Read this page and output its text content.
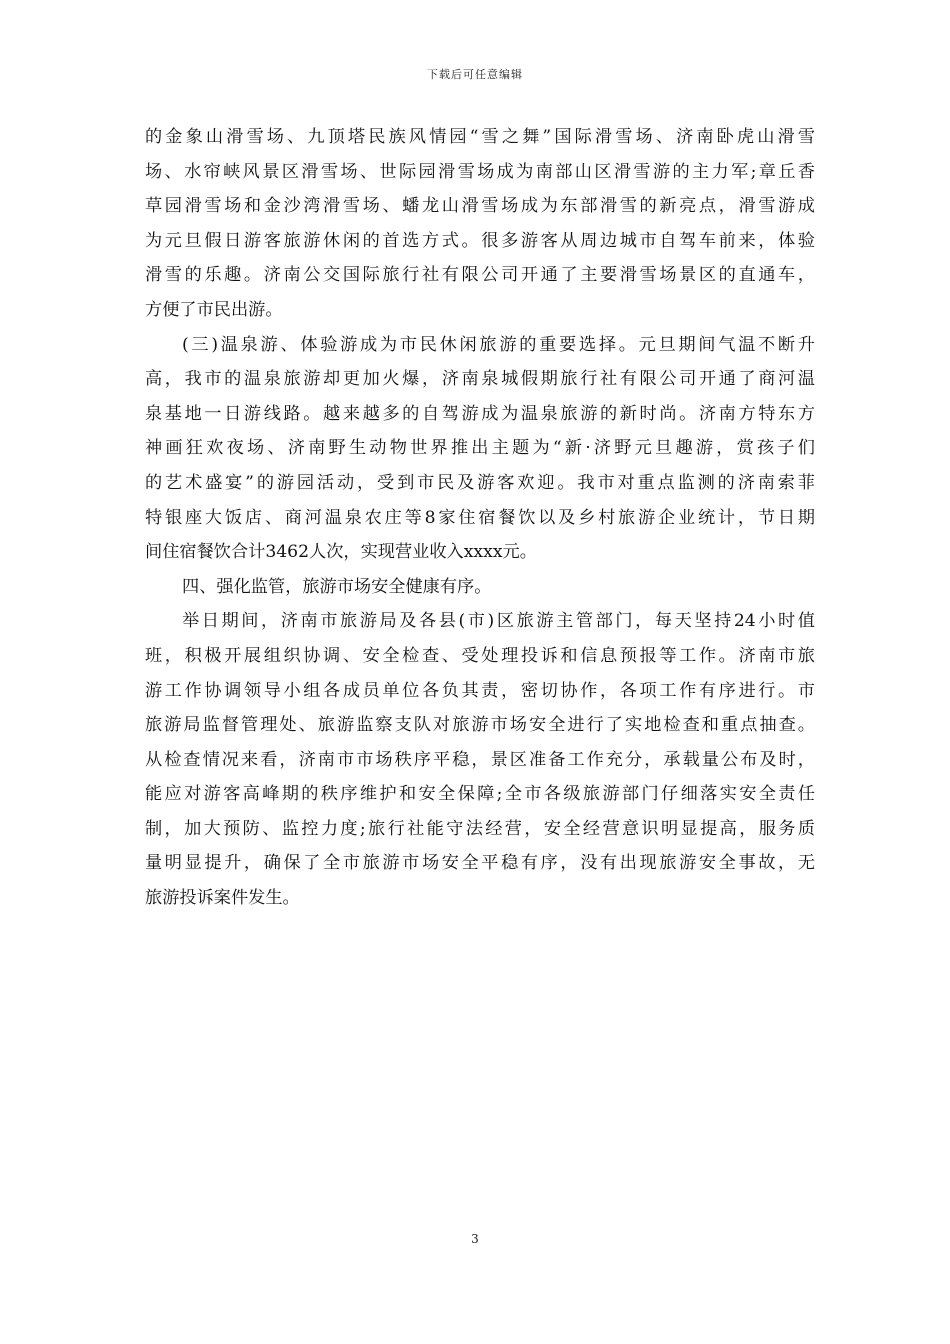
下载后可任意编辑
的金象山滑雪场、九顶塔民族风情园“雪之舞”国际滑雪场、济南卧虎山滑雪
场、水帘峡风景区滑雪场、世际园滑雪场成为南部山区滑雪游的主力军;章丘香
草园滑雪场和金沙湾滑雪场、蟠龙山滑雪场成为东部滑雪的新亮点，滑雪游成
为元旦假日游客旅游休闲的首选方式。很多游客从周边城市自驾车前来，体验
滑雪的乐趣。济南公交国际旅行社有限公司开通了主要滑雪场景区的直通车，
方便了市民出游。
(三)温泉游、体验游成为市民休闲旅游的重要选择。元旦期间气温不断升
高，我市的温泉旅游却更加火爆，济南泉城假期旅行社有限公司开通了商河温
泉基地一日游线路。越来越多的自驾游成为温泉旅游的新时尚。济南方特东方
神画狂欢夜场、济南野生动物世界推出主题为“新·济野元旦趣游，赏孩子们
的艺术盛宴”的游园活动，受到市民及游客欢迎。我市对重点监测的济南索菲
特银座大饭店、商河温泉农庄等8家住宿餐饮以及乡村旅游企业统计，节日期
间住宿餐饮合计3462人次，实现营业收入xxxx元。
四、强化监管，旅游市场安全健康有序。
举日期间，济南市旅游局及各县(市)区旅游主管部门，每天坚持24小时值
班，积极开展组织协调、安全检查、受处理投诉和信息预报等工作。济南市旅
游工作协调领导小组各成员单位各负其责，密切协作，各项工作有序进行。市
旅游局监督管理处、旅游监察支队对旅游市场安全进行了实地检查和重点抽查。
从检查情况来看，济南市市场秩序平稳，景区准备工作充分，承载量公布及时，
能应对游客高峰期的秩序维护和安全保障;全市各级旅游部门仔细落实安全责任
制，加大预防、监控力度;旅行社能守法经营，安全经营意识明显提高，服务质
量明显提升，确保了全市旅游市场安全平稳有序，没有出现旅游安全事故，无
旅游投诉案件发生。
3
